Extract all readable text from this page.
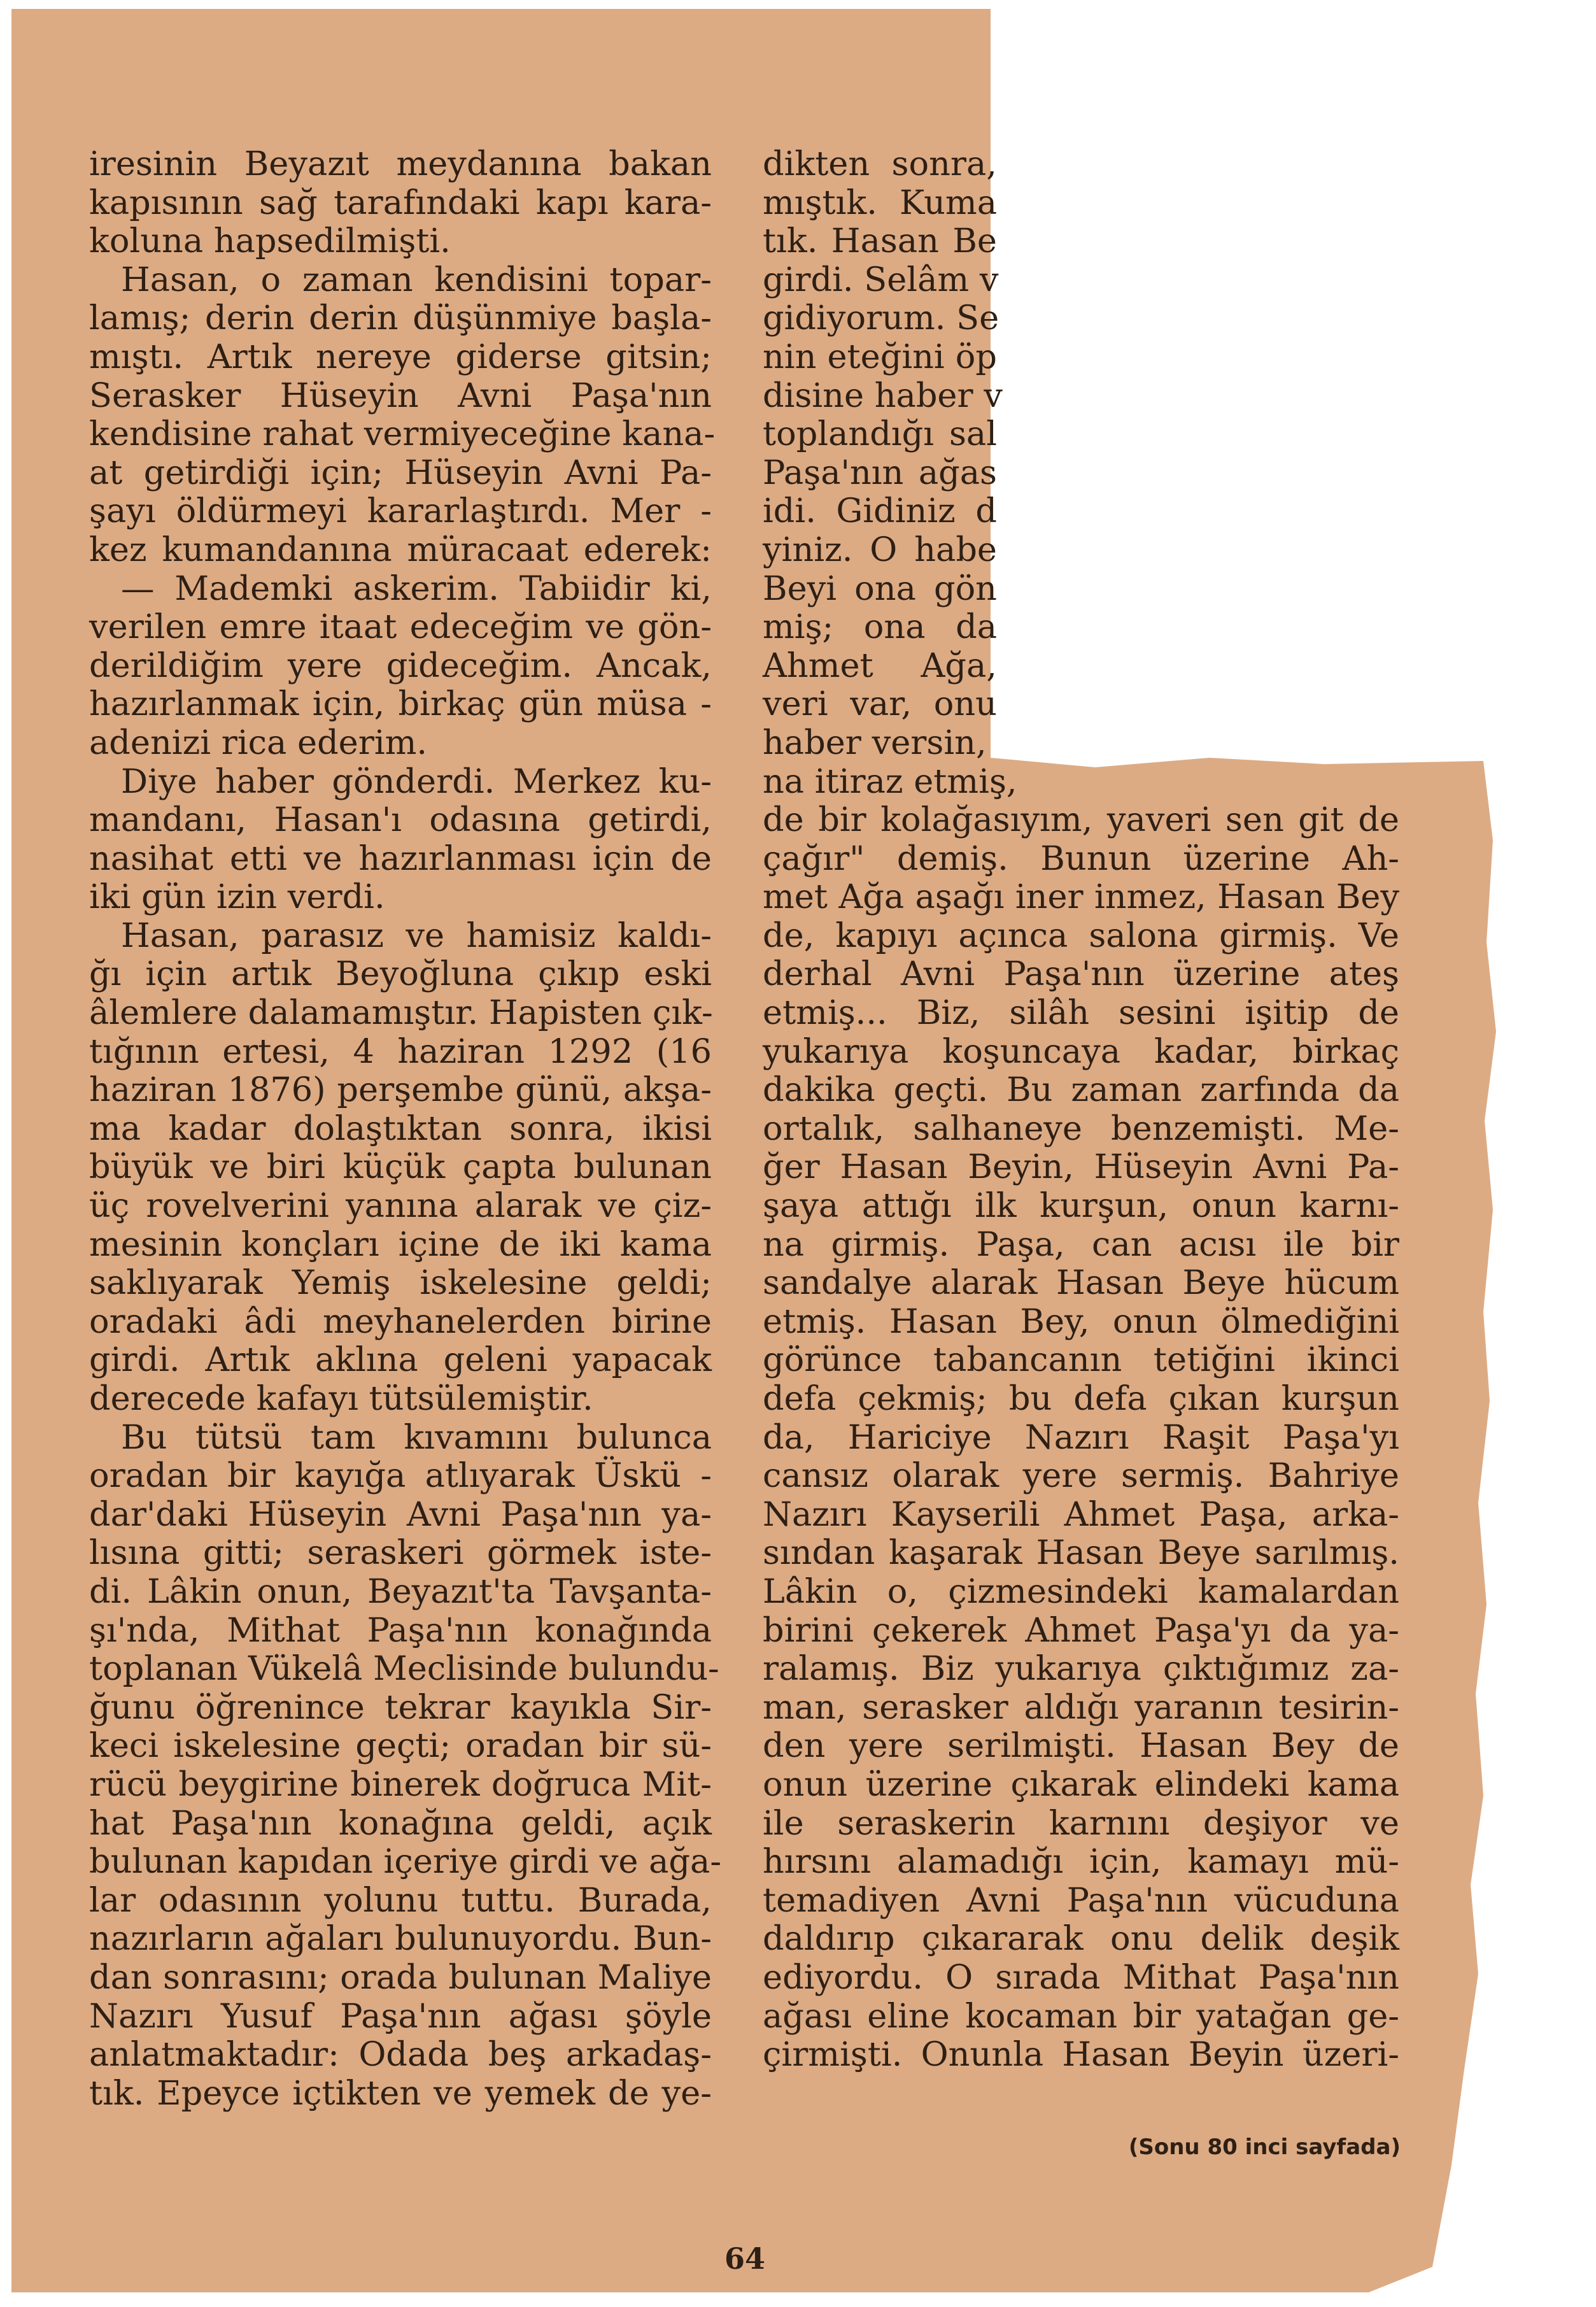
iresinin Beyazıt meydanına bakan
kapısının sağ tarafındaki kapı kara-
koluna hapsedilmişti.
Hasan, o zaman kendisini topar-
lamış; derin derin düşünmiye başla-
mıştı. Artık nereye giderse gitsin;
Serasker Hüseyin Avni Paşa'nın
kendisine rahat vermiyeceğine kana-
at getirdiği için; Hüseyin Avni Pa-
şayı öldürmeyi kararlaştırdı. Mer -
kez kumandanına müracaat ederek:
— Mademki askerim. Tabiidir ki,
verilen emre itaat edeceğim ve gön-
derildiğim yere gideceğim. Ancak,
hazırlanmak için, birkaç gün müsa -
adenizi rica ederim.
Diye haber gönderdi. Merkez ku-
mandanı, Hasan'ı odasına getirdi,
nasihat etti ve hazırlanması için de
iki gün izin verdi.
Hasan, parasız ve hamisiz kaldı-
ğı için artık Beyoğluna çıkıp eski
âlemlere dalamamıştır. Hapisten çık-
tığının ertesi, 4 haziran 1292 (16
haziran 1876) perşembe günü, akşa-
ma kadar dolaştıktan sonra, ikisi
büyük ve biri küçük çapta bulunan
üç rovelverini yanına alarak ve çiz-
mesinin konçları içine de iki kama
saklıyarak Yemiş iskelesine geldi;
oradaki âdi meyhanelerden birine
girdi. Artık aklına geleni yapacak
derecede kafayı tütsülemiştir.
Bu tütsü tam kıvamını bulunca
oradan bir kayığa atlıyarak Üskü -
dar'daki Hüseyin Avni Paşa'nın ya-
lısına gitti; seraskeri görmek iste-
di. Lâkin onun, Beyazıt'ta Tavşanta-
şı'nda, Mithat Paşa'nın konağında
toplanan Vükelâ Meclisinde bulundu-
ğunu öğrenince tekrar kayıkla Sir-
keci iskelesine geçti; oradan bir sü-
rücü beygirine binerek doğruca Mit-
hat Paşa'nın konağına geldi, açık
bulunan kapıdan içeriye girdi ve ağa-
lar odasının yolunu tuttu. Burada,
nazırların ağaları bulunuyordu. Bun-
dan sonrasını; orada bulunan Maliye
Nazırı Yusuf Paşa'nın ağası şöyle
anlatmaktadır: Odada beş arkadaş-
tık. Epeyce içtikten ve yemek de ye-
dikten sonra,
mıştık. Kuma
tık. Hasan Be
girdi. Selâm v
gidiyorum. Se
nin eteğini öp
disine haber v
toplandığı sal
Paşa'nın ağas
idi. Gidiniz d
yiniz. O habe
Beyi ona gön
miş; ona da
Ahmet Ağa,
veri var, onu
haber versin,
na itiraz etmiş,
de bir kolağasıyım, yaveri sen git de
çağır" demiş. Bunun üzerine Ah-
met Ağa aşağı iner inmez, Hasan Bey
de, kapıyı açınca salona girmiş. Ve
derhal Avni Paşa'nın üzerine ateş
etmiş... Biz, silâh sesini işitip de
yukarıya koşuncaya kadar, birkaç
dakika geçti. Bu zaman zarfında da
ortalık, salhaneye benzemişti. Me-
ğer Hasan Beyin, Hüseyin Avni Pa-
şaya attığı ilk kurşun, onun karnı-
na girmiş. Paşa, can acısı ile bir
sandalye alarak Hasan Beye hücum
etmiş. Hasan Bey, onun ölmediğini
görünce tabancanın tetiğini ikinci
defa çekmiş; bu defa çıkan kurşun
da, Hariciye Nazırı Raşit Paşa'yı
cansız olarak yere sermiş. Bahriye
Nazırı Kayserili Ahmet Paşa, arka-
sından kaşarak Hasan Beye sarılmış.
Lâkin o, çizmesindeki kamalardan
birini çekerek Ahmet Paşa'yı da ya-
ralamış. Biz yukarıya çıktığımız za-
man, serasker aldığı yaranın tesirin-
den yere serilmişti. Hasan Bey de
onun üzerine çıkarak elindeki kama
ile seraskerin karnını deşiyor ve
hırsını alamadığı için, kamayı mü-
temadiyen Avni Paşa'nın vücuduna
daldırıp çıkararak onu delik deşik
ediyordu. O sırada Mithat Paşa'nın
ağası eline kocaman bir yatağan ge-
çirmişti. Onunla Hasan Beyin üzeri-
(Sonu 80 inci sayfada)
64
